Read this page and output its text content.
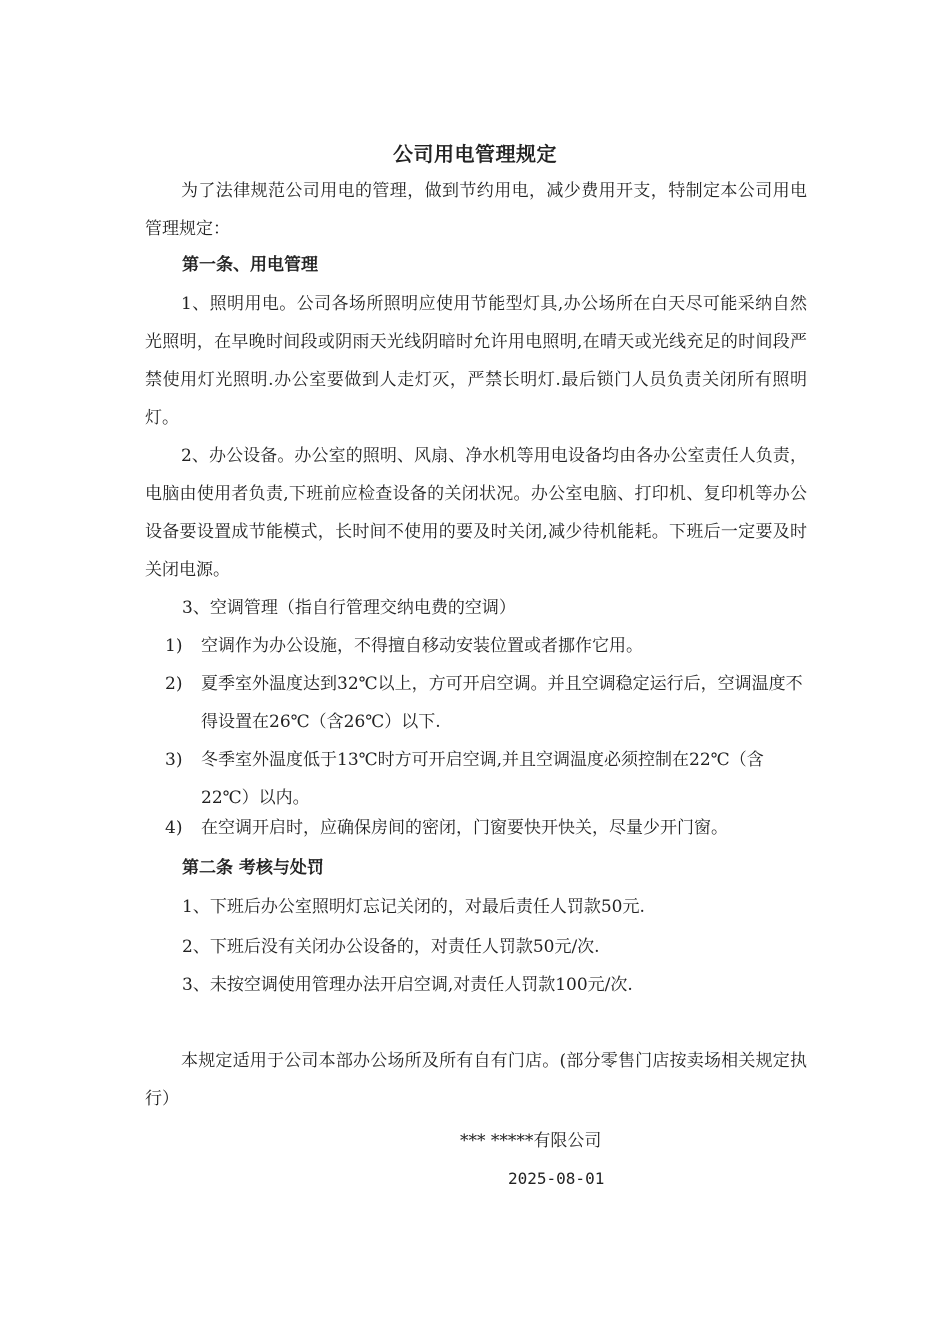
公司用电管理规定
为了法律规范公司用电的管理，做到节约用电，减少费用开支，特制定本公司用电管理规定：
第一条、用电管理
1、照明用电。公司各场所照明应使用节能型灯具,办公场所在白天尽可能采纳自然光照明，在早晚时间段或阴雨天光线阴暗时允许用电照明,在晴天或光线充足的时间段严禁使用灯光照明.办公室要做到人走灯灭，严禁长明灯.最后锁门人员负责关闭所有照明灯。
2、办公设备。办公室的照明、风扇、净水机等用电设备均由各办公室责任人负责，电脑由使用者负责,下班前应检查设备的关闭状况。办公室电脑、打印机、复印机等办公设备要设置成节能模式，长时间不使用的要及时关闭,减少待机能耗。下班后一定要及时关闭电源。
3、空调管理（指自行管理交纳电费的空调）
1) 空调作为办公设施，不得擅自移动安装位置或者挪作它用。
2) 夏季室外温度达到32℃以上，方可开启空调。并且空调稳定运行后，空调温度不得设置在26℃（含26℃）以下.
3) 冬季室外温度低于13℃时方可开启空调,并且空调温度必须控制在22℃（含22℃）以内。
4) 在空调开启时，应确保房间的密闭，门窗要快开快关，尽量少开门窗。
第二条 考核与处罚
1、下班后办公室照明灯忘记关闭的，对最后责任人罚款50元.
2、下班后没有关闭办公设备的，对责任人罚款50元/次.
3、未按空调使用管理办法开启空调,对责任人罚款100元/次.
本规定适用于公司本部办公场所及所有自有门店。(部分零售门店按卖场相关规定执行）
*** *****有限公司
2025-08-01
